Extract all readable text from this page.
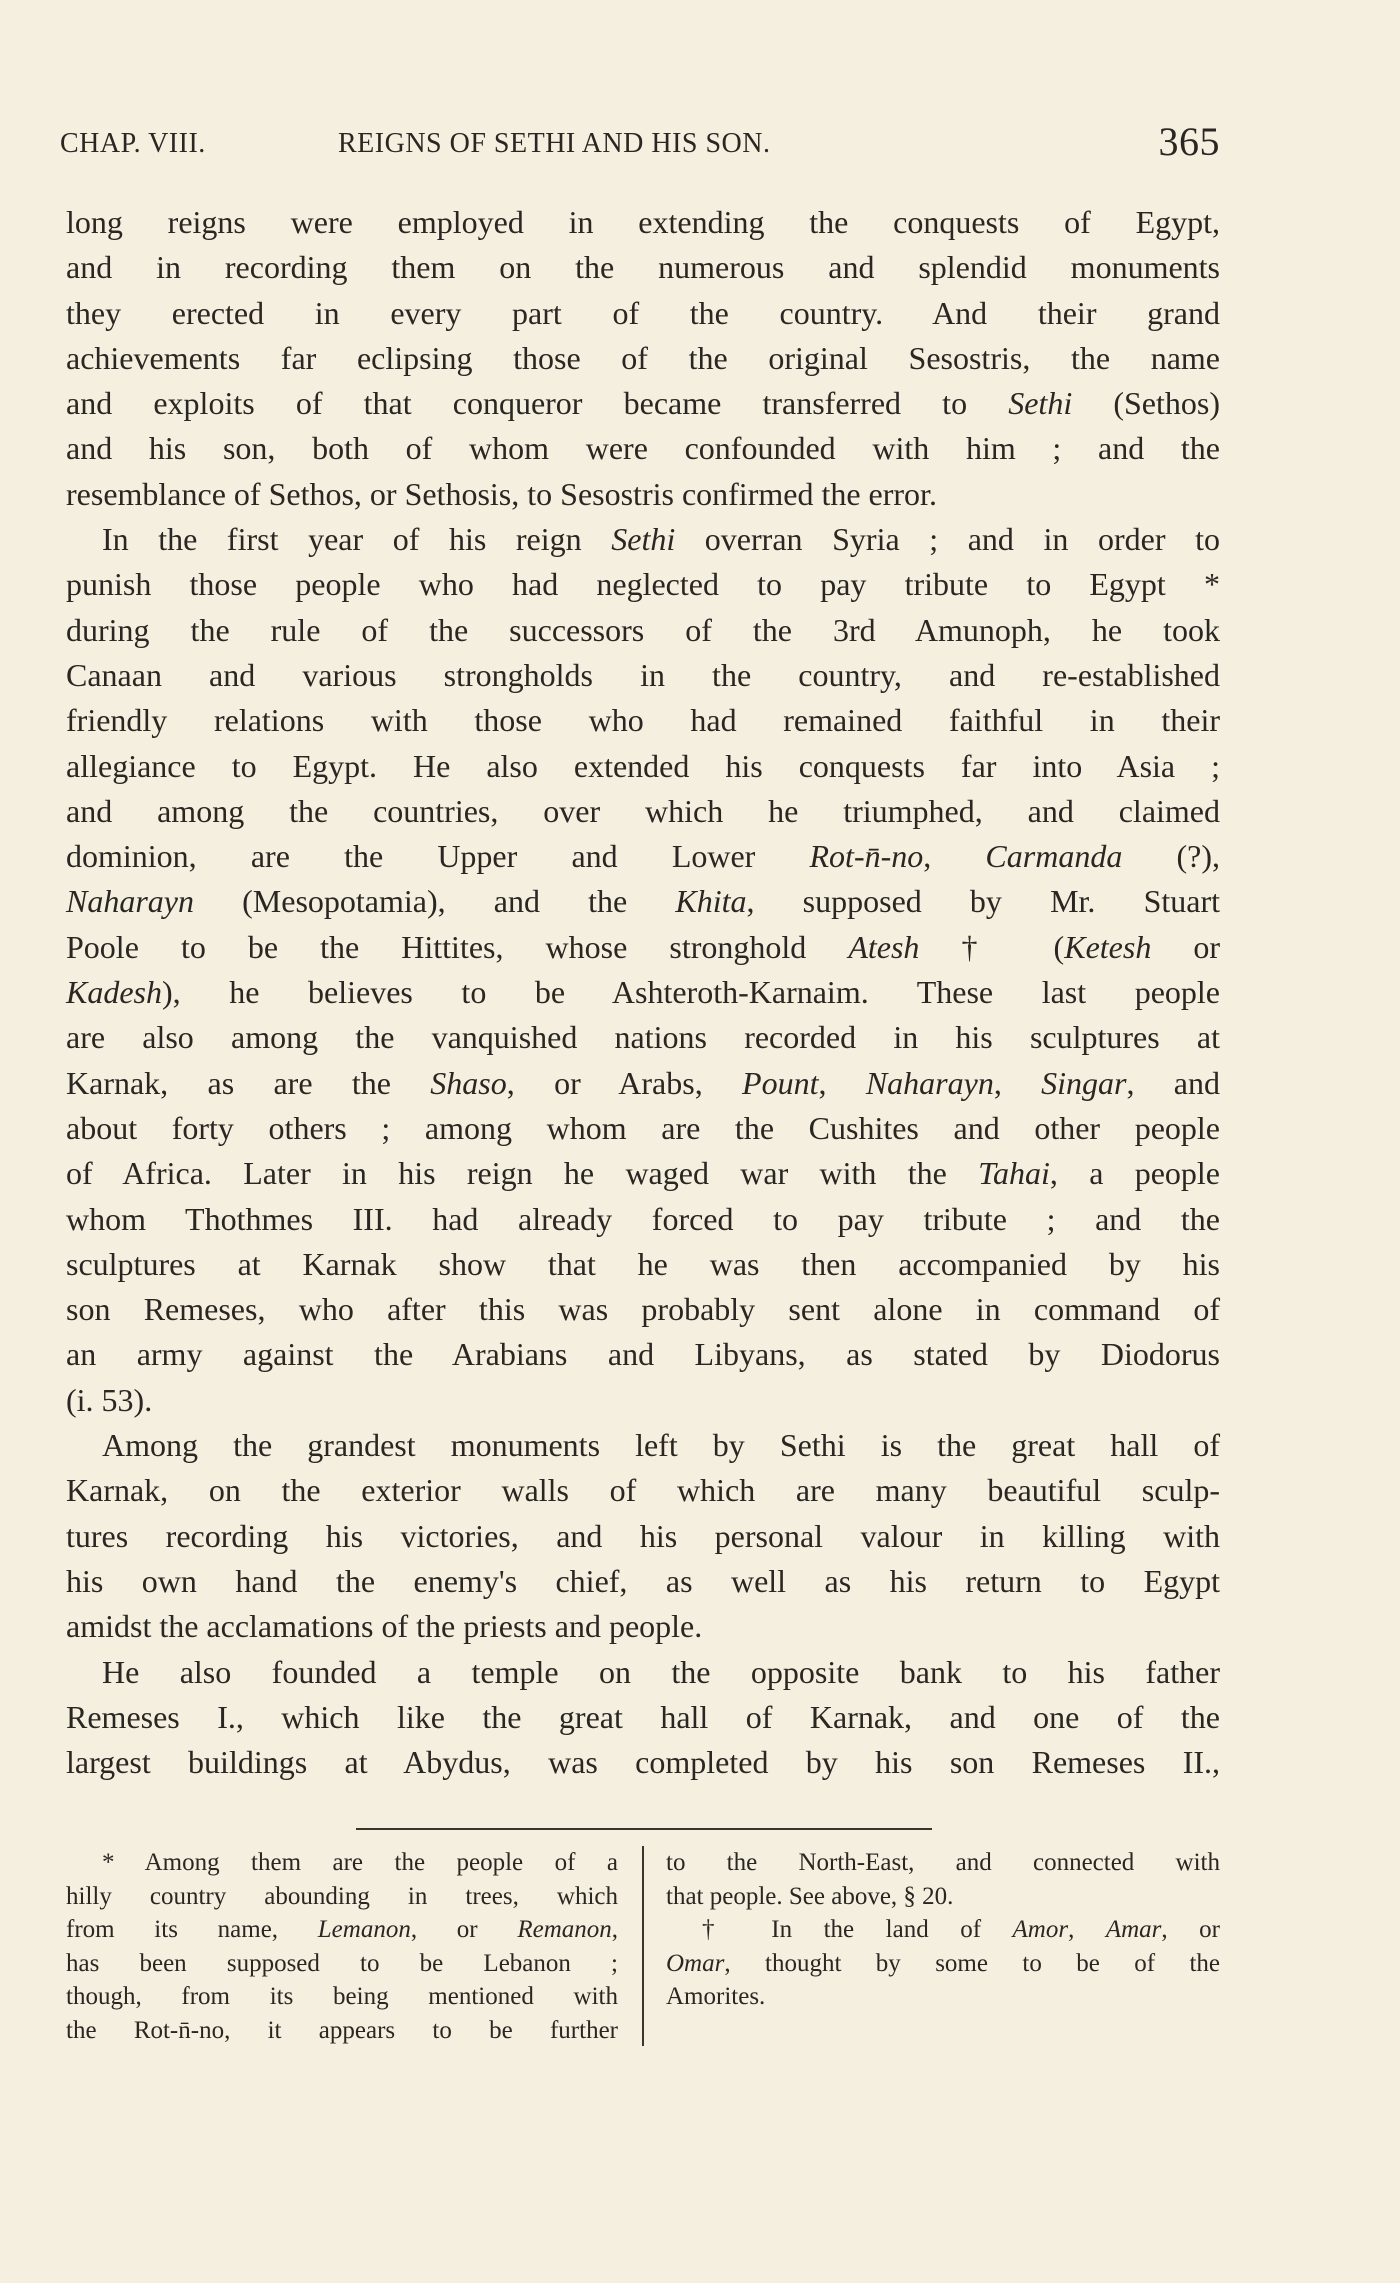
CHAP. VIII.	REIGNS OF SETHI AND HIS SON.	365
long reigns were employed in extending the conquests of Egypt,
and in recording them on the numerous and splendid monuments
they erected in every part of the country. And their grand
achievements far eclipsing those of the original Sesostris, the name
and exploits of that conqueror became transferred to Sethi (Sethos)
and his son, both of whom were confounded with him ; and the
resemblance of Sethos, or Sethosis, to Sesostris confirmed the error.
In the first year of his reign Sethi overran Syria ; and in order to
punish those people who had neglected to pay tribute to Egypt *
during the rule of the successors of the 3rd Amunoph, he took
Canaan and various strongholds in the country, and re-established
friendly relations with those who had remained faithful in their
allegiance to Egypt. He also extended his conquests far into Asia ;
and among the countries, over which he triumphed, and claimed
dominion, are the Upper and Lower Rot-n̄-no, Carmanda (?),
Naharayn (Mesopotamia), and the Khita, supposed by Mr. Stuart
Poole to be the Hittites, whose stronghold Atesh † (Ketesh or
Kadesh), he believes to be Ashteroth-Karnaim. These last people
are also among the vanquished nations recorded in his sculptures at
Karnak, as are the Shaso, or Arabs, Pount, Naharayn, Singar, and
about forty others ; among whom are the Cushites and other people
of Africa. Later in his reign he waged war with the Tahai, a people
whom Thothmes III. had already forced to pay tribute ; and the
sculptures at Karnak show that he was then accompanied by his
son Remeses, who after this was probably sent alone in command of
an army against the Arabians and Libyans, as stated by Diodorus
(i. 53).
Among the grandest monuments left by Sethi is the great hall of
Karnak, on the exterior walls of which are many beautiful sculp-
tures recording his victories, and his personal valour in killing with
his own hand the enemy's chief, as well as his return to Egypt
amidst the acclamations of the priests and people.
He also founded a temple on the opposite bank to his father
Remeses I., which like the great hall of Karnak, and one of the
largest buildings at Abydus, was completed by his son Remeses II.,
* Among them are the people of a
hilly country abounding in trees, which
from its name, Lemanon, or Remanon,
has been supposed to be Lebanon ;
though, from its being mentioned with
the Rot-n̄-no, it appears to be further
to the North-East, and connected with
that people. See above, § 20.
† In the land of Amor, Amar, or
Omar, thought by some to be of the
Amorites.
